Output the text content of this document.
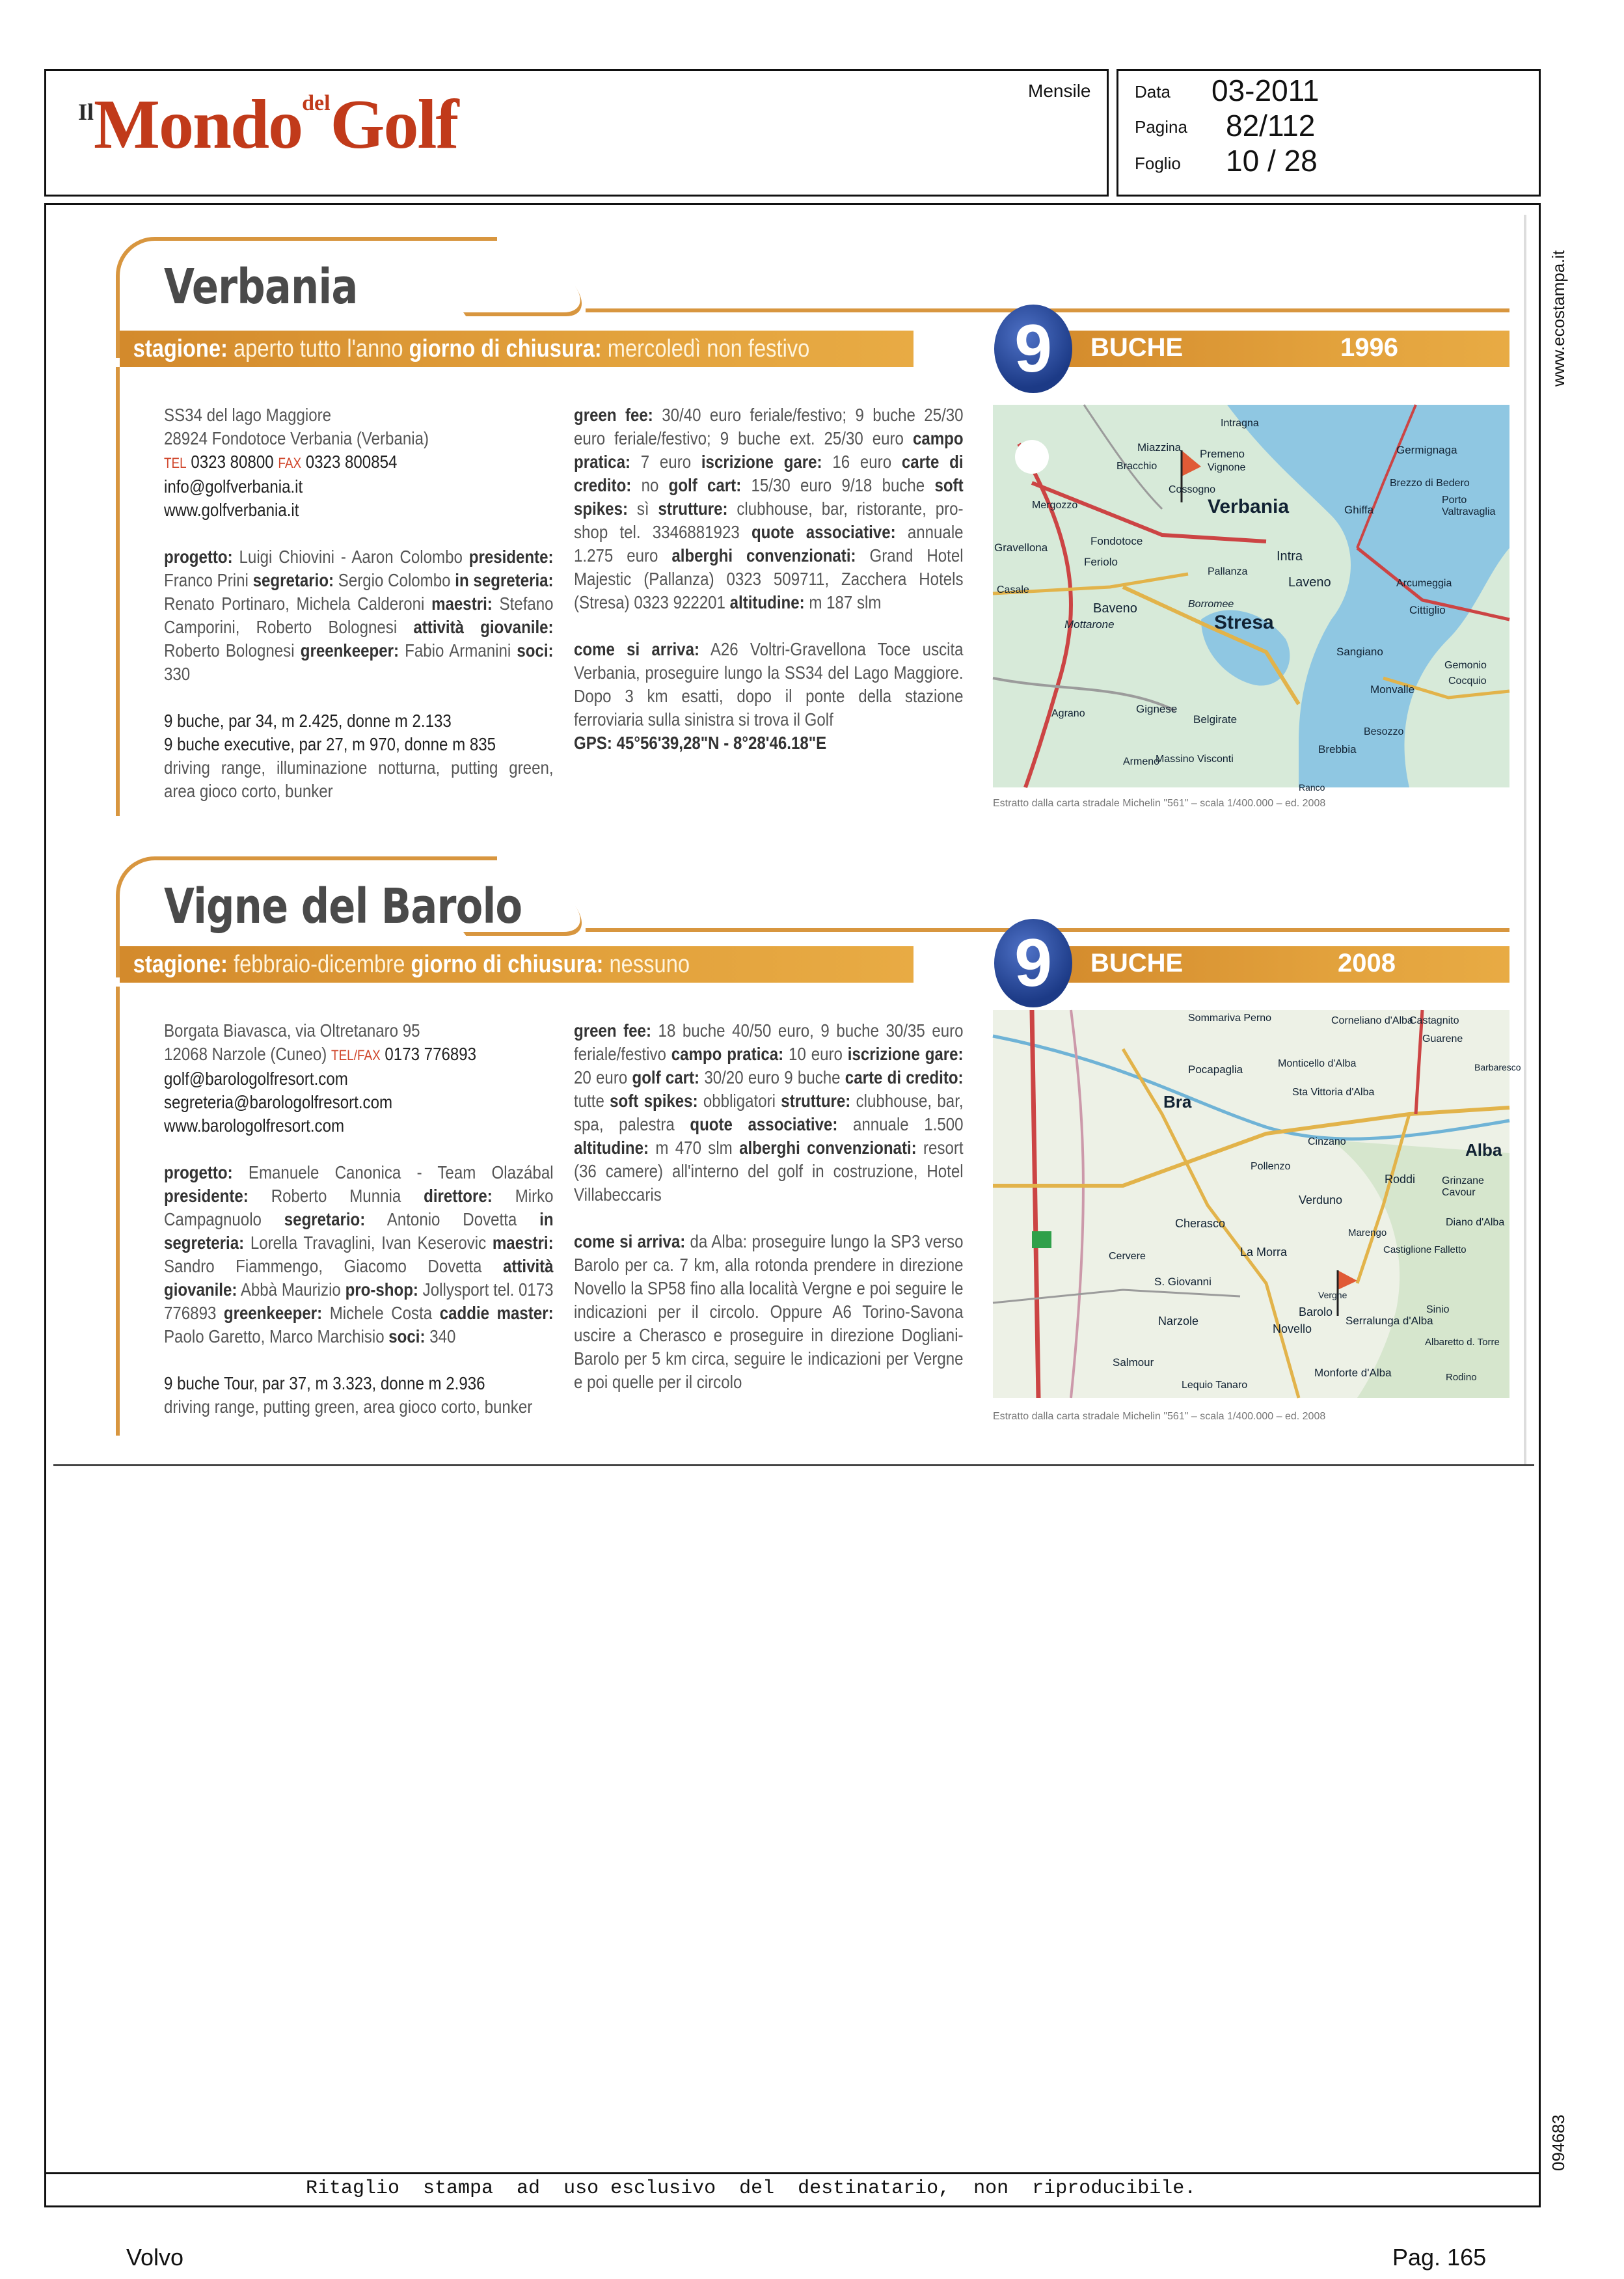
IlMondodelGolf	Mensile	Data 03-2011
Pagina 82/112
Foglio 10 / 28
www.ecostampa.it
094683
Verbania
stagione: aperto tutto l'anno giorno di chiusura: mercoledì non festivo	9	BUCHE	1996

SS34 del lago Maggiore
28924 Fondotoce Verbania (Verbania)
TEL 0323 80800 FAX 0323 800854
info@golfverbania.it
www.golfverbania.it

progetto: Luigi Chiovini - Aaron Colombo presidente: Franco Prini segretario: Sergio Colombo in segreteria: Renato Portinaro, Michela Calderoni maestri: Stefano Camporini, Roberto Bolognesi attività giovanile: Roberto Bolognesi greenkeeper: Fabio Armanini soci: 330

9 buche, par 34, m 2.425, donne m 2.133
9 buche executive, par 27, m 970, donne m 835
driving range, illuminazione notturna, putting green, area gioco corto, bunker

green fee: 30/40 euro feriale/festivo; 9 buche 25/30 euro feriale/festivo; 9 buche ext. 25/30 euro campo pratica: 7 euro iscrizione gare: 16 euro carte di credito: no golf cart: 15/30 euro 9/18 buche soft spikes: sì strutture: clubhouse, bar, ristorante, pro-shop tel. 3346881923 quote associative: annuale 1.275 euro alberghi convenzionati: Grand Hotel Majestic (Pallanza) 0323 509711, Zacchera Hotels (Stresa) 0323 922201 altitudine: m 187 slm

come si arriva: A26 Voltri-Gravellona Toce uscita Verbania, proseguire lungo la SS34 del Lago Maggiore. Dopo 3 km esatti, dopo il ponte della stazione ferroviaria sulla sinistra si trova il Golf
GPS: 45°56'39,28"N - 8°28'46.18"E

Verbania
Stresa
Intra
Laveno
Baveno
Mottarone
Pallanza
Feriolo
Fondotoce
Gravellona
Belgirate
Premeno
Miazzina
Cossogno
Ghiffa
Cittiglio
Germignaga
Brebbia
Gignese
Vignone
Monvalle
Sangiano
Massino Visconti
Brezzo di Bedero
Porto Valtravaglia
Cocquio
Gemonio
Besozzo
Arcumeggia
Intragna
Borromee
Armeno
Agrano
Mergozzo
Bracchio
Casale
Ranco
Estratto dalla carta stradale Michelin "561" – scala 1/400.000 – ed. 2008
Vigne del Barolo
stagione: febbraio-dicembre giorno di chiusura: nessuno	9	BUCHE	2008

Borgata Biavasca, via Oltretanaro 95
12068 Narzole (Cuneo) TEL/FAX 0173 776893
golf@barologolfresort.com
segreteria@barologolfresort.com
www.barologolfresort.com

progetto: Emanuele Canonica - Team Olazábal presidente: Roberto Munnia direttore: Mirko Campagnuolo segretario: Antonio Dovetta in segreteria: Lorella Travaglini, Ivan Keserovic maestri: Sandro Fiammengo, Giacomo Dovetta attività giovanile: Abbà Maurizio pro-shop: Jollysport tel. 0173 776893 greenkeeper: Michele Costa caddie master: Paolo Garetto, Marco Marchisio soci: 340

9 buche Tour, par 37, m 3.323, donne m 2.936
driving range, putting green, area gioco corto, bunker

green fee: 18 buche 40/50 euro, 9 buche 30/35 euro feriale/festivo campo pratica: 10 euro iscrizione gare: 20 euro golf cart: 30/20 euro 9 buche carte di credito: tutte soft spikes: obbligatori strutture: clubhouse, bar, spa, palestra quote associative: annuale 1.500 altitudine: m 470 slm alberghi convenzionati: resort (36 camere) all'interno del golf in costruzione, Hotel Villabeccaris

come si arriva: da Alba: proseguire lungo la SP3 verso Barolo per ca. 7 km, alla rotonda prendere in direzione Novello la SP58 fino alla località Vergne e poi seguire le indicazioni per il circolo. Oppure A6 Torino-Savona uscire a Cherasco e proseguire in direzione Dogliani-Barolo per 5 km circa, seguire le indicazioni per Vergne e poi quelle per il circolo

Bra
Alba
Cherasco
La Morra
Barolo
Novello
Narzole
Monforte d'Alba
Serralunga d'Alba
Verduno
Roddi	Grinzane Cavour
Diano d'Alba
Pocapaglia	Monticello d'Alba
Sta Vittoria d'Alba
Castagnito
Guarene
Corneliano d'Alba
Sommariva Perno
Cinzano
Pollenzo
Cervere
S. Giovanni
Salmour
Lequio Tanaro
Castiglione Falletto
Sinio
Albaretto d. Torre
Rodino
Marengo
Vergne
Barbaresco
Estratto dalla carta stradale Michelin "561" – scala 1/400.000 – ed. 2008
Ritaglio  stampa  ad  uso esclusivo  del  destinatario,  non  riproducibile.
Volvo	Pag. 165
